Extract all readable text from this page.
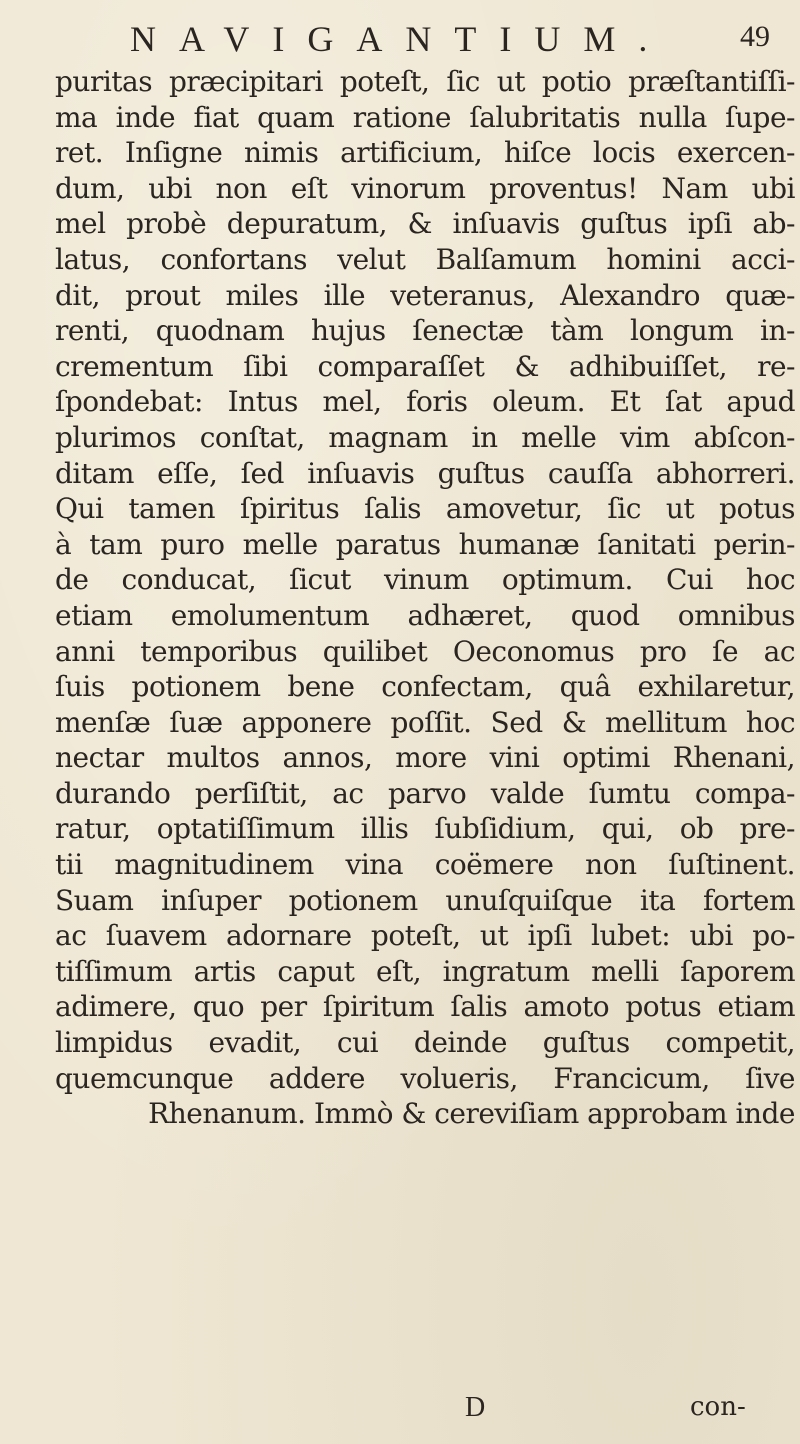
NAVIGANTIUM. 49
puritas præcipitari poteſt, ſic ut potio præſtantiſſi-
ma inde fiat quam ratione ſalubritatis nulla ſupe-
ret. Inſigne nimis artificium, hiſce locis exercen-
dum, ubi non eſt vinorum proventus! Nam ubi
mel probè depuratum, & inſuavis guſtus ipſi ab-
latus, confortans velut Balſamum homini acci-
dit, prout miles ille veteranus, Alexandro quæ-
renti, quodnam hujus ſenectæ tàm longum in-
crementum ſibi comparaſſet & adhibuiſſet, re-
ſpondebat: Intus mel, foris oleum. Et ſat apud
plurimos conſtat, magnam in melle vim abſcon-
ditam eſſe, ſed inſuavis guſtus cauſſa abhorreri.
Qui tamen ſpiritus ſalis amovetur, ſic ut potus
à tam puro melle paratus humanæ ſanitati perin-
de conducat, ſicut vinum optimum. Cui hoc
etiam emolumentum adhæret, quod omnibus
anni temporibus quilibet Oeconomus pro ſe ac
ſuis potionem bene confectam, quâ exhilaretur,
menſæ ſuæ apponere poſſit. Sed & mellitum hoc
nectar multos annos, more vini optimi Rhenani,
durando perſiſtit, ac parvo valde ſumtu compa-
ratur, optatiſſimum illis ſubſidium, qui, ob pre-
tii magnitudinem vina coëmere non ſuſtinent.
Suam inſuper potionem unuſquiſque ita fortem
ac ſuavem adornare poteſt, ut ipſi lubet: ubi po-
tiſſimum artis caput eſt, ingratum melli ſaporem
adimere, quo per ſpiritum ſalis amoto potus etiam
limpidus evadit, cui deinde guſtus competit,
quemcunque addere volueris, Francicum, ſive
Rhenanum. Immò & cereviſiam approbam inde
D	con-
